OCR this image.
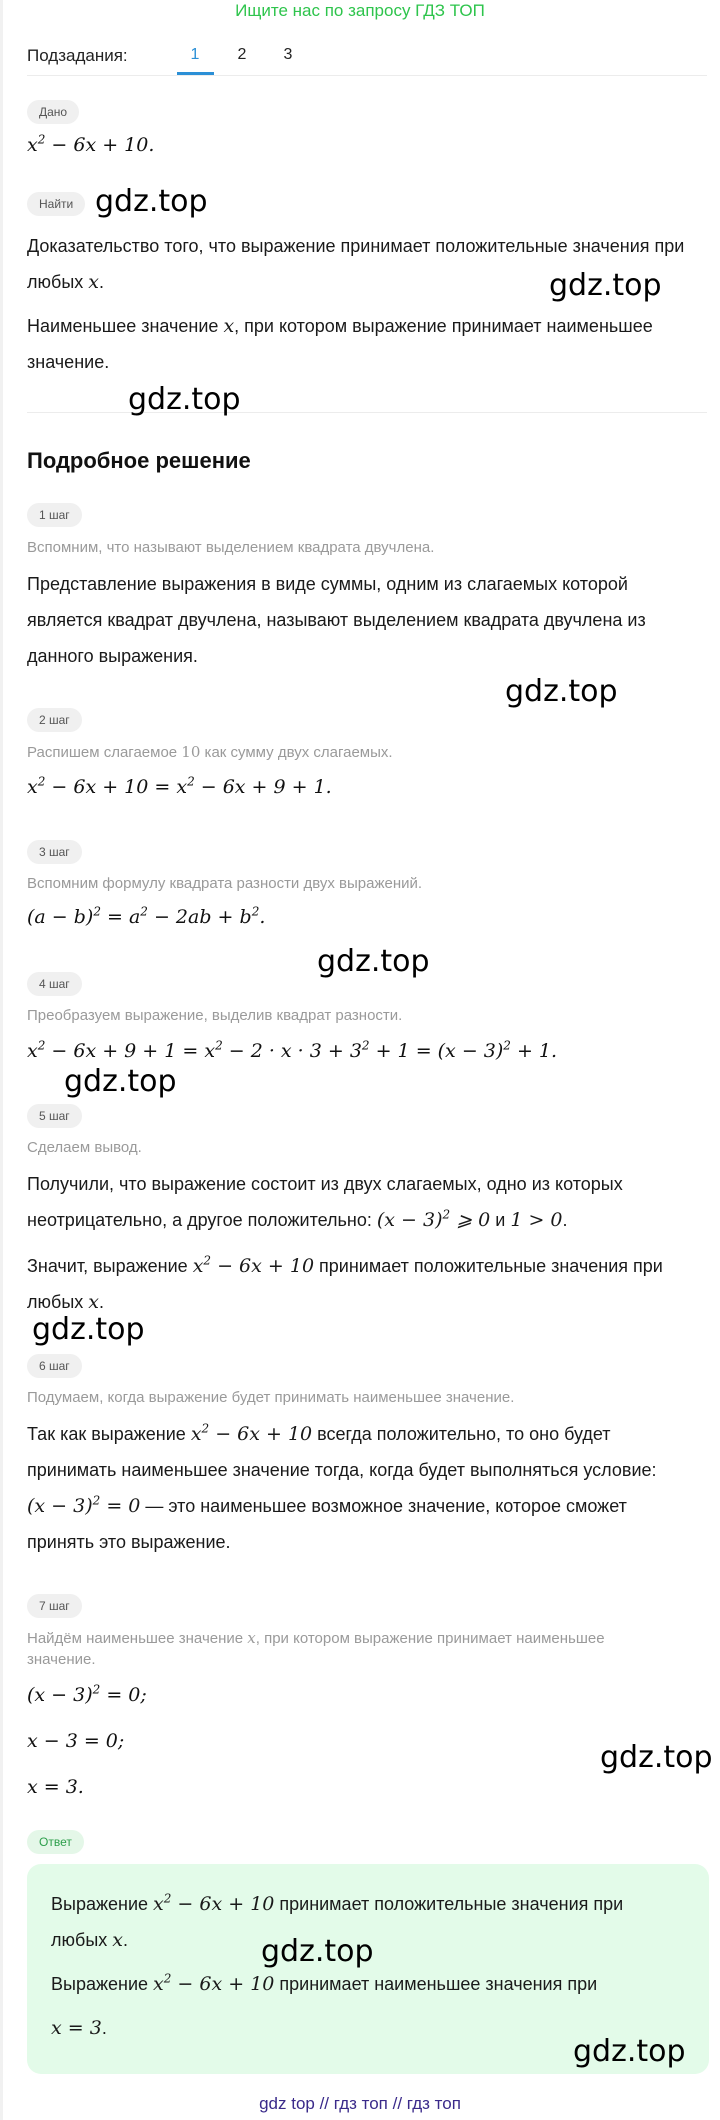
Ищите нас по запросу ГДЗ ТОП
Подзадания:	1	2	3
Дано
$x^2 - 6x + 10$.
Найти
Доказательство того, что выражение принимает положительные значения при
любых x.
Наименьшее значение x, при котором выражение принимает наименьшее
значение.
Подробное решение
1 шаг
Вспомним, что называют выделением квадрата двучлена.
Представление выражения в виде суммы, одним из слагаемых которой
является квадрат двучлена, называют выделением квадрата двучлена из
данного выражения.
2 шаг
Распишем слагаемое 10 как сумму двух слагаемых.
$x^2 - 6x + 10 = x^2 - 6x + 9 + 1$.
3 шаг
Вспомним формулу квадрата разности двух выражений.
$(a - b)^2 = a^2 - 2ab + b^2$.
4 шаг
Преобразуем выражение, выделив квадрат разности.
$x^2 - 6x + 9 + 1 = x^2 - 2 \cdot x \cdot 3 + 3^2 + 1 = (x - 3)^2 + 1$.
5 шаг
Сделаем вывод.
Получили, что выражение состоит из двух слагаемых, одно из которых
неотрицательно, а другое положительно: $(x - 3)^2$ ⩾ 0 и 1 > 0.
Значит, выражение $x^2 - 6x + 10$ принимает положительные значения при
любых x.
6 шаг
Подумаем, когда выражение будет принимать наименьшее значение.
Так как выражение $x^2 - 6x + 10$ всегда положительно, то оно будет
принимать наименьшее значение тогда, когда будет выполняться условие:
$(x - 3)^2 = 0$ — это наименьшее возможное значение, которое сможет
принять это выражение.
7 шаг
Найдём наименьшее значение x, при котором выражение принимает наименьшее
значение.
$(x - 3)^2 = 0$;
x − 3 = 0;
x = 3.
Ответ
Выражение $x^2 - 6x + 10$ принимает положительные значения при
любых x.
Выражение $x^2 - 6x + 10$ принимает наименьшее значения при
x = 3.
gdz.top
gdz.top
gdz.top
gdz.top
gdz.top
gdz.top
gdz.top
gdz.top
gdz.top
gdz.top
gdz top // гдз топ // гдз топ
